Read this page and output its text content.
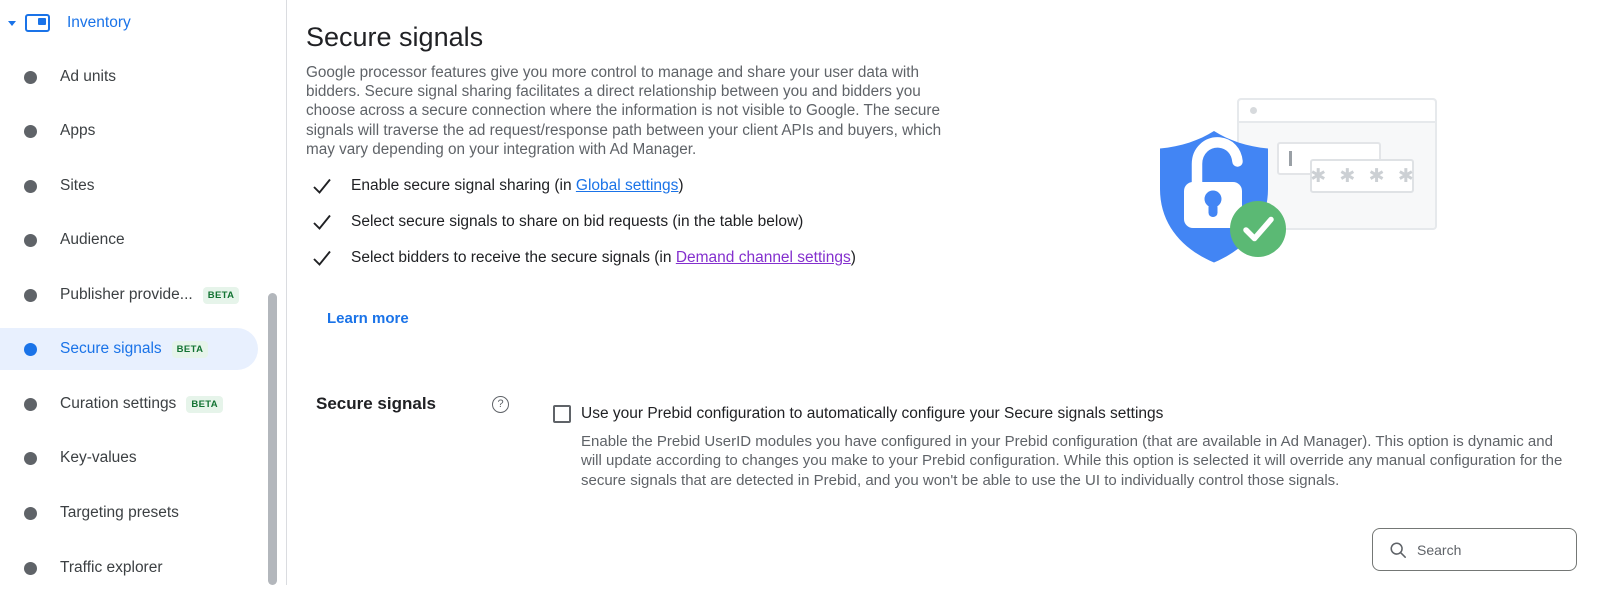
Inventory
Ad units
Apps
Sites
Audience
Publisher provide...	BETA
Secure signals	BETA
Curation settings	BETA
Key-values
Targeting presets
Traffic explorer
Secure signals

Google processor features give you more control to manage and share your user data with bidders. Secure signal sharing facilitates a direct relationship between you and bidders you choose across a secure connection where the information is not visible to Google. The secure signals will traverse the ad request/response path between your client APIs and buyers, which may vary depending on your integration with Ad Manager.

Enable secure signal sharing (in Global settings)
Select secure signals to share on bid requests (in the table below)
Select bidders to receive the secure signals (in Demand channel settings)
Learn more
Secure signals	?
Use your Prebid configuration to automatically configure your Secure signals settings
Enable the Prebid UserID modules you have configured in your Prebid configuration (that are available in Ad Manager). This option is dynamic and will update according to changes you make to your Prebid configuration. While this option is selected it will override any manual configuration for the secure signals that are detected in Prebid, and you won't be able to use the UI to individually control those signals.
Search
✱ ✱ ✱ ✱
